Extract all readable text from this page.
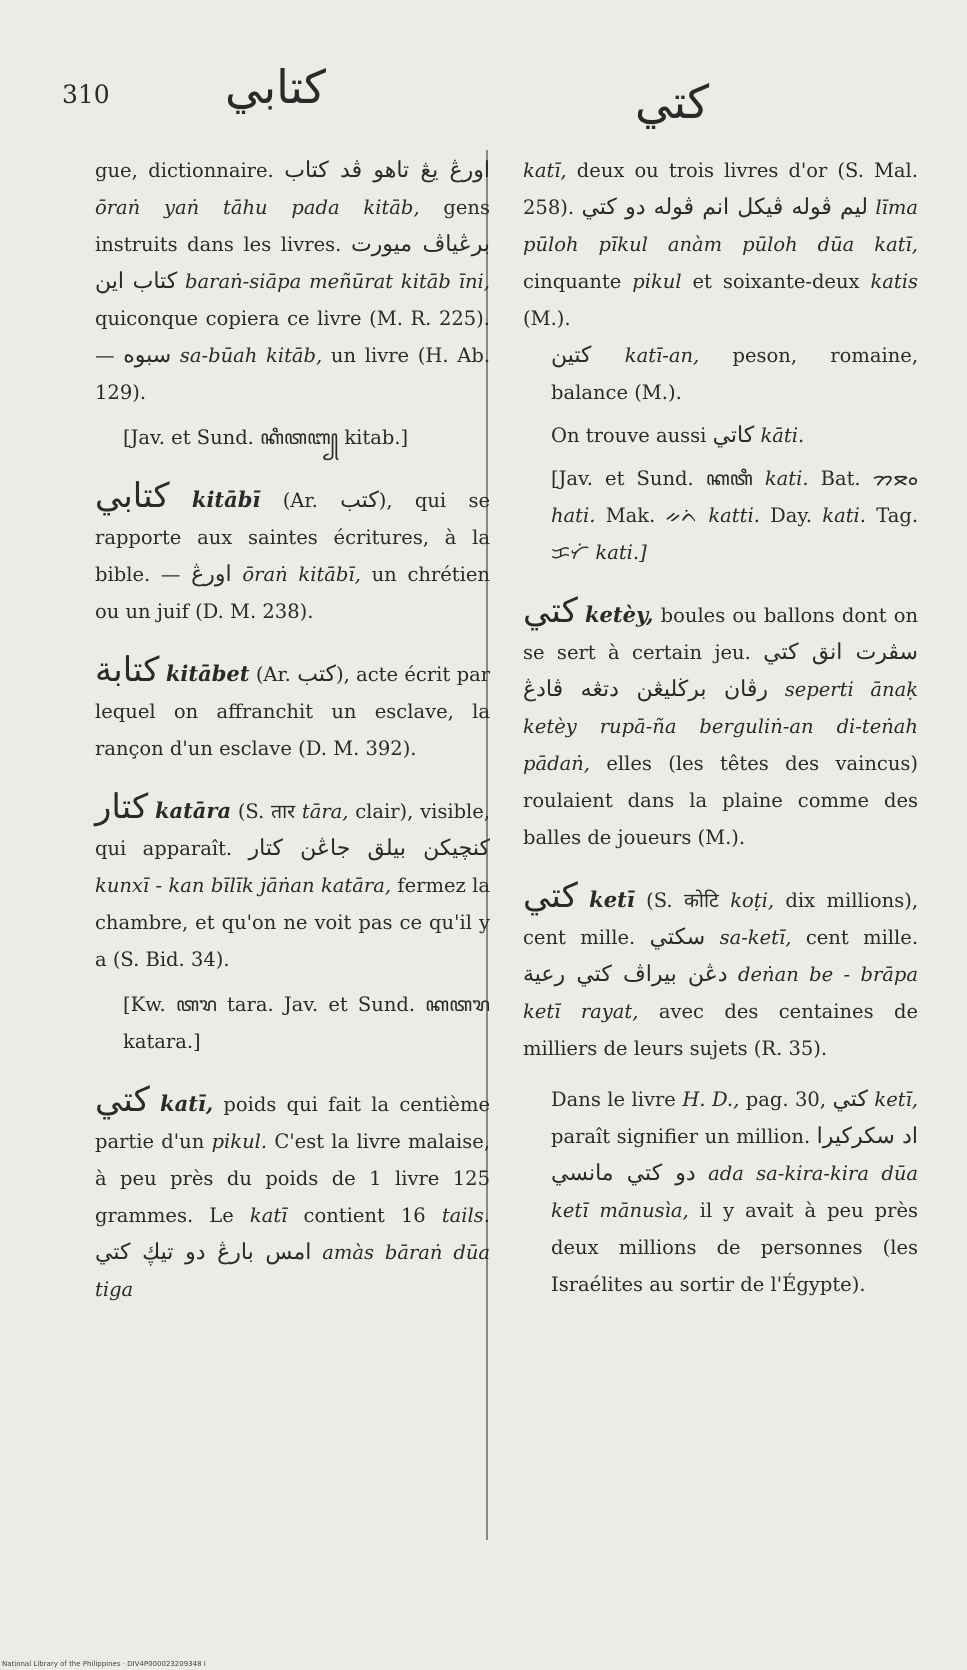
310	كتابي	كتي

gue, dictionnaire. اورڠ يڠ تاهو ڤد كتاب ōraṅ yaṅ tāhu pada kitāb, gens instruits dans les livres. برڠياڤ ميورت كتاب اين baraṅ-siāpa meñūrat kitāb īni, quiconque copiera ce livre (M. R. 225). — سبوه sa-būah kitāb, un livre (H. Ab. 129).

[Jav. et Sund. ꦏꦶꦠꦧ꧀ kitab.]

كتابي kitābī (Ar. كتب), qui se rapporte aux saintes écritures, à la bible. — اورڠ ōraṅ kitābī, un chrétien ou un juif (D. M. 238).

كتابة kitābet (Ar. كتب), acte écrit par lequel on affranchit un esclave, la rançon d'un esclave (D. M. 392).

كتار katāra (S. तार tāra, clair), visible, qui apparaît. كنچيكن بيلق جاڠن كتار kunxī - kan bīlīk jāṅan katāra, fermez la chambre, et qu'on ne voit pas ce qu'il y a (S. Bid. 34).

[Kw. ꦠꦫ tara. Jav. et Sund. ꦏꦠꦫ katara.]

كتي katī, poids qui fait la centième partie d'un pikul. C'est la livre malaise, à peu près du poids de 1 livre 125 grammes. Le katī contient 16 tails. امس بارڠ دو تيڮ كتي amàs bāraṅ dūa tiga

katī, deux ou trois livres d'or (S. Mal. 258). ليم ڤوله ڤيكل انم ڤوله دو كتي līma pūloh pīkul anàm pūloh dūa katī, cinquante pikul et soixante-deux katis (M.).

كتين katī-an, peson, romaine, balance (M.).

On trouve aussi كاتي kāti.

[Jav. et Sund. ꦏꦠꦶ kati. Bat. ᯂᯖᯪ hati. Mak. ᨀᨈᨗ katti. Day. kati. Tag. ᜃᜆᜒ kati.]

كتي ketèy, boules ou ballons dont on se sert à certain jeu. سڤرت انق كتي رڤان برڬليڠن دتڠه ڤادڠ seperti ānaḳ ketèy rupā-ña berguliṅ-an di-teṅah pādaṅ, elles (les têtes des vaincus) roulaient dans la plaine comme des balles de joueurs (M.).

كتي ketī (S. कोटि koṭi, dix millions), cent mille. سكتي sa-ketī, cent mille. دڠن بيراڤ كتي رعية deṅan be - brāpa ketī rayat, avec des centaines de milliers de leurs sujets (R. 35).

Dans le livre H. D., pag. 30, كتي ketī, paraît signifier un million. اد سكركيرا دو كتي مانسي ada sa-kira-kira dūa ketī mānusìa, il y avait à peu près deux millions de personnes (les Israélites au sortir de l'Égypte).

National Library of the Philippines · DIV4P000023209348 I
